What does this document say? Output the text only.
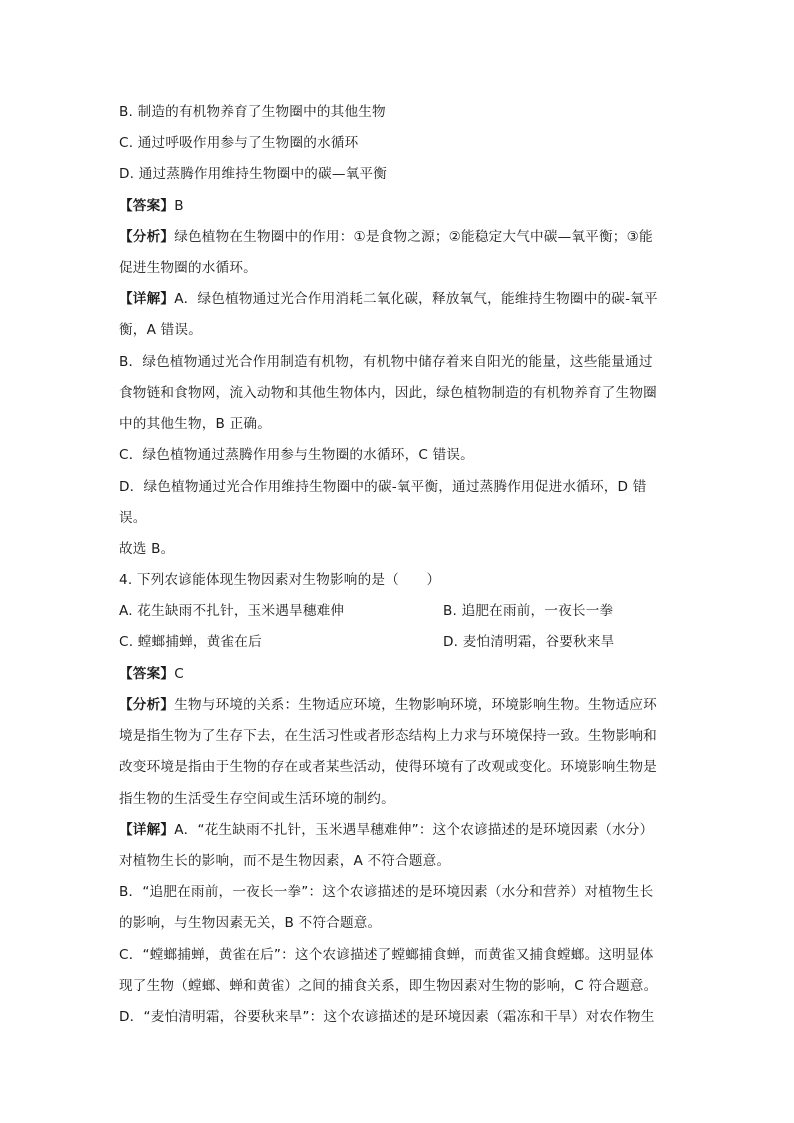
B. 制造的有机物养育了生物圈中的其他生物
C. 通过呼吸作用参与了生物圈的水循环
D. 通过蒸腾作用维持生物圈中的碳—氧平衡
【答案】B
【分析】绿色植物在生物圈中的作用：①是食物之源；②能稳定大气中碳—氧平衡；③能
促进生物圈的水循环。
【详解】A．绿色植物通过光合作用消耗二氧化碳，释放氧气，能维持生物圈中的碳-氧平
衡，A 错误。
B．绿色植物通过光合作用制造有机物，有机物中储存着来自阳光的能量，这些能量通过
食物链和食物网，流入动物和其他生物体内，因此，绿色植物制造的有机物养育了生物圈
中的其他生物，B 正确。
C．绿色植物通过蒸腾作用参与生物圈的水循环，C 错误。
D．绿色植物通过光合作用维持生物圈中的碳-氧平衡，通过蒸腾作用促进水循环，D 错
误。
故选 B。
4. 下列农谚能体现生物因素对生物影响的是（　　）
A. 花生缺雨不扎针，玉米遇旱穗难伸	B. 追肥在雨前，一夜长一拳
C. 螳螂捕蝉，黄雀在后	D. 麦怕清明霜，谷要秋来旱
【答案】C
【分析】生物与环境的关系：生物适应环境，生物影响环境，环境影响生物。生物适应环
境是指生物为了生存下去，在生活习性或者形态结构上力求与环境保持一致。生物影响和
改变环境是指由于生物的存在或者某些活动，使得环境有了改观或变化。环境影响生物是
指生物的生活受生存空间或生活环境的制约。
【详解】A．“花生缺雨不扎针，玉米遇旱穗难伸”：这个农谚描述的是环境因素（水分）
对植物生长的影响，而不是生物因素，A 不符合题意。
B．“追肥在雨前，一夜长一拳”：这个农谚描述的是环境因素（水分和营养）对植物生长
的影响，与生物因素无关，B 不符合题意。
C．“螳螂捕蝉，黄雀在后”：这个农谚描述了螳螂捕食蝉，而黄雀又捕食螳螂。这明显体
现了生物（螳螂、蝉和黄雀）之间的捕食关系，即生物因素对生物的影响，C 符合题意。
D．“麦怕清明霜，谷要秋来旱”：这个农谚描述的是环境因素（霜冻和干旱）对农作物生
